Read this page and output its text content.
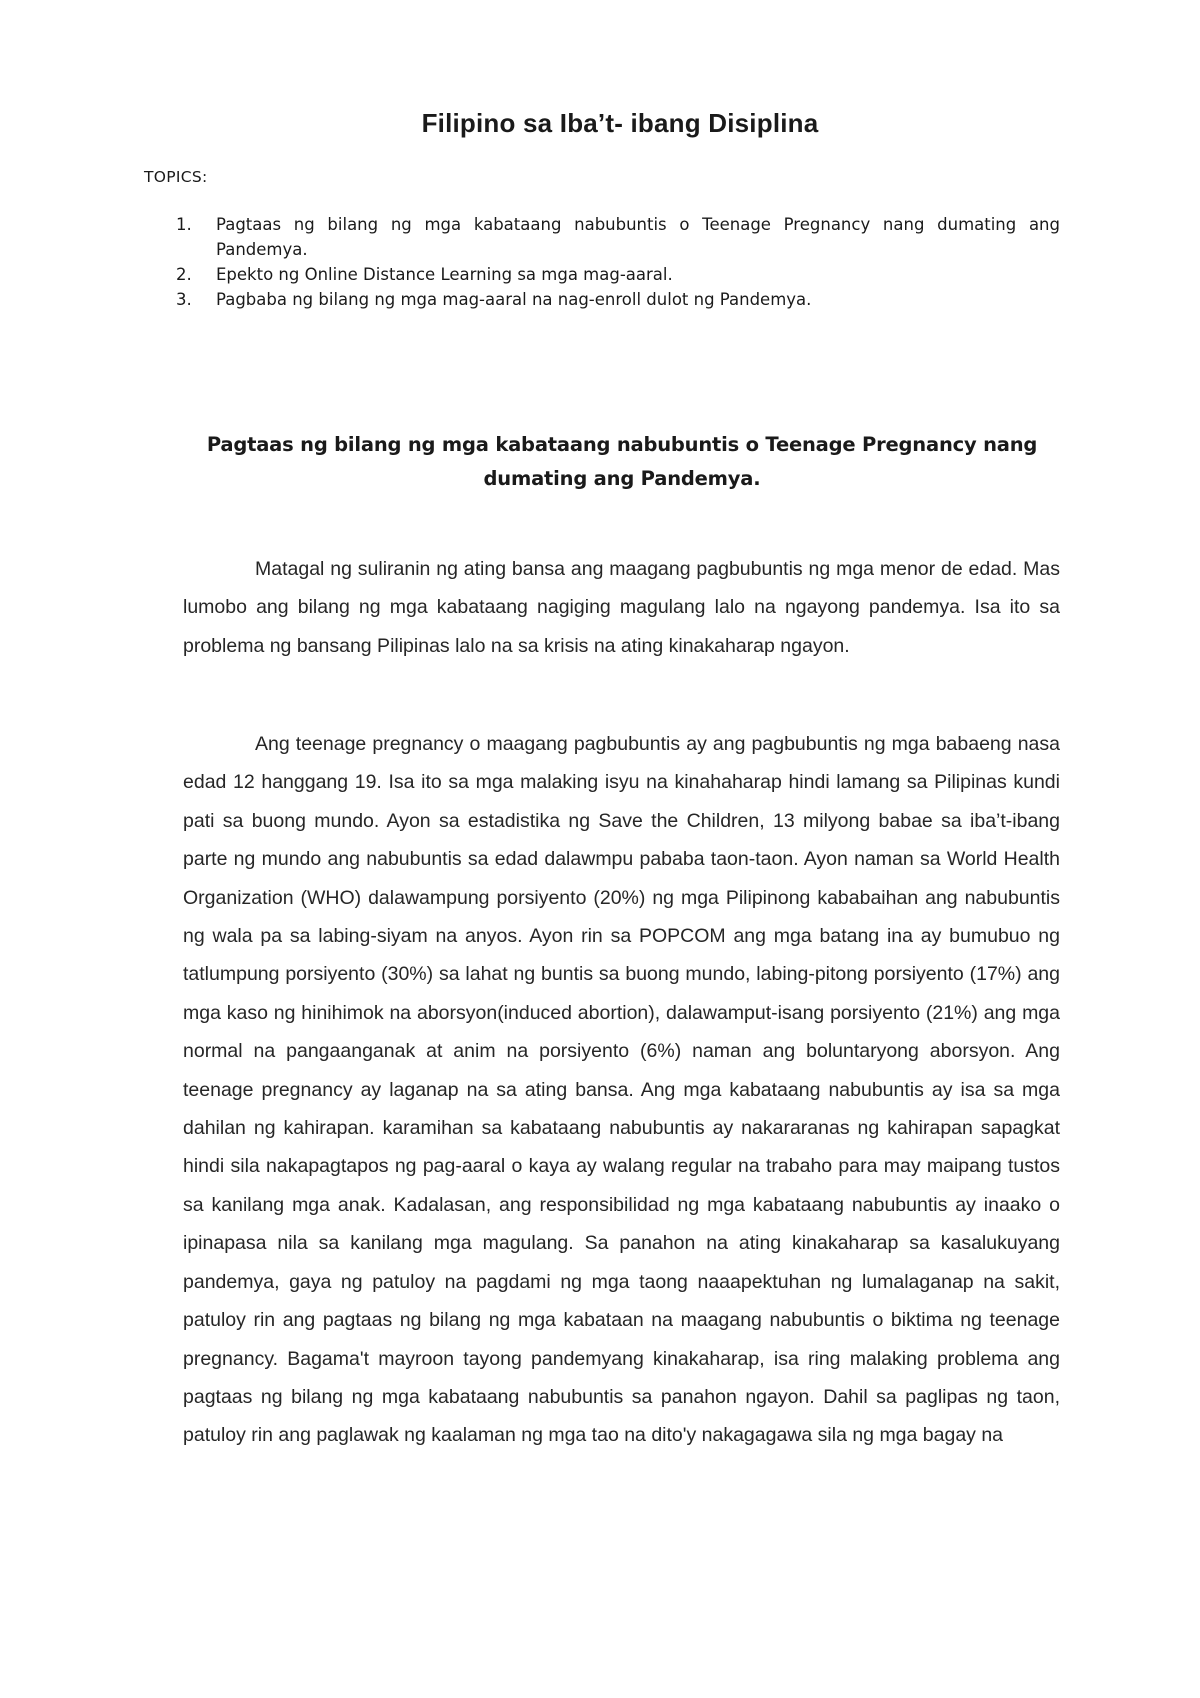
Filipino sa Iba’t- ibang Disiplina
TOPICS:
1. Pagtaas ng bilang ng mga kabataang nabubuntis o Teenage Pregnancy nang dumating ang Pandemya.
2. Epekto ng Online Distance Learning sa mga mag-aaral.
3. Pagbaba ng bilang ng mga mag-aaral na nag-enroll dulot ng Pandemya.
Pagtaas ng bilang ng mga kabataang nabubuntis o Teenage Pregnancy nang dumating ang Pandemya.

Matagal ng suliranin ng ating bansa ang maagang pagbubuntis ng mga menor de edad. Mas lumobo ang bilang ng mga kabataang nagiging magulang lalo na ngayong pandemya. Isa ito sa problema ng bansang Pilipinas lalo na sa krisis na ating kinakaharap ngayon.

Ang teenage pregnancy o maagang pagbubuntis ay ang pagbubuntis ng mga babaeng nasa edad 12 hanggang 19. Isa ito sa mga malaking isyu na kinahaharap hindi lamang sa Pilipinas kundi pati sa buong mundo. Ayon sa estadistika ng Save the Children, 13 milyong babae sa iba’t-ibang parte ng mundo ang nabubuntis sa edad dalawmpu pababa taon-taon. Ayon naman sa World Health Organization (WHO) dalawampung porsiyento (20%) ng mga Pilipinong kababaihan ang nabubuntis ng wala pa sa labing-siyam na anyos. Ayon rin sa POPCOM ang mga batang ina ay bumubuo ng tatlumpung porsiyento (30%) sa lahat ng buntis sa buong mundo, labing-pitong porsiyento (17%) ang mga kaso ng hinihimok na aborsyon(induced abortion), dalawamput-isang porsiyento (21%) ang mga normal na pangaanganak at anim na porsiyento (6%) naman ang boluntaryong aborsyon. Ang teenage pregnancy ay laganap na sa ating bansa. Ang mga kabataang nabubuntis ay isa sa mga dahilan ng kahirapan. karamihan sa kabataang nabubuntis ay nakararanas ng kahirapan sapagkat hindi sila nakapagtapos ng pag-aaral o kaya ay walang regular na trabaho para may maipang tustos sa kanilang mga anak. Kadalasan, ang responsibilidad ng mga kabataang nabubuntis ay inaako o ipinapasa nila sa kanilang mga magulang. Sa panahon na ating kinakaharap sa kasalukuyang pandemya, gaya ng patuloy na pagdami ng mga taong naaapektuhan ng lumalaganap na sakit, patuloy rin ang pagtaas ng bilang ng mga kabataan na maagang nabubuntis o biktima ng teenage pregnancy. Bagama't mayroon tayong pandemyang kinakaharap, isa ring malaking problema ang pagtaas ng bilang ng mga kabataang nabubuntis sa panahon ngayon. Dahil sa paglipas ng taon, patuloy rin ang paglawak ng kaalaman ng mga tao na dito'y nakagagawa sila ng mga bagay na
